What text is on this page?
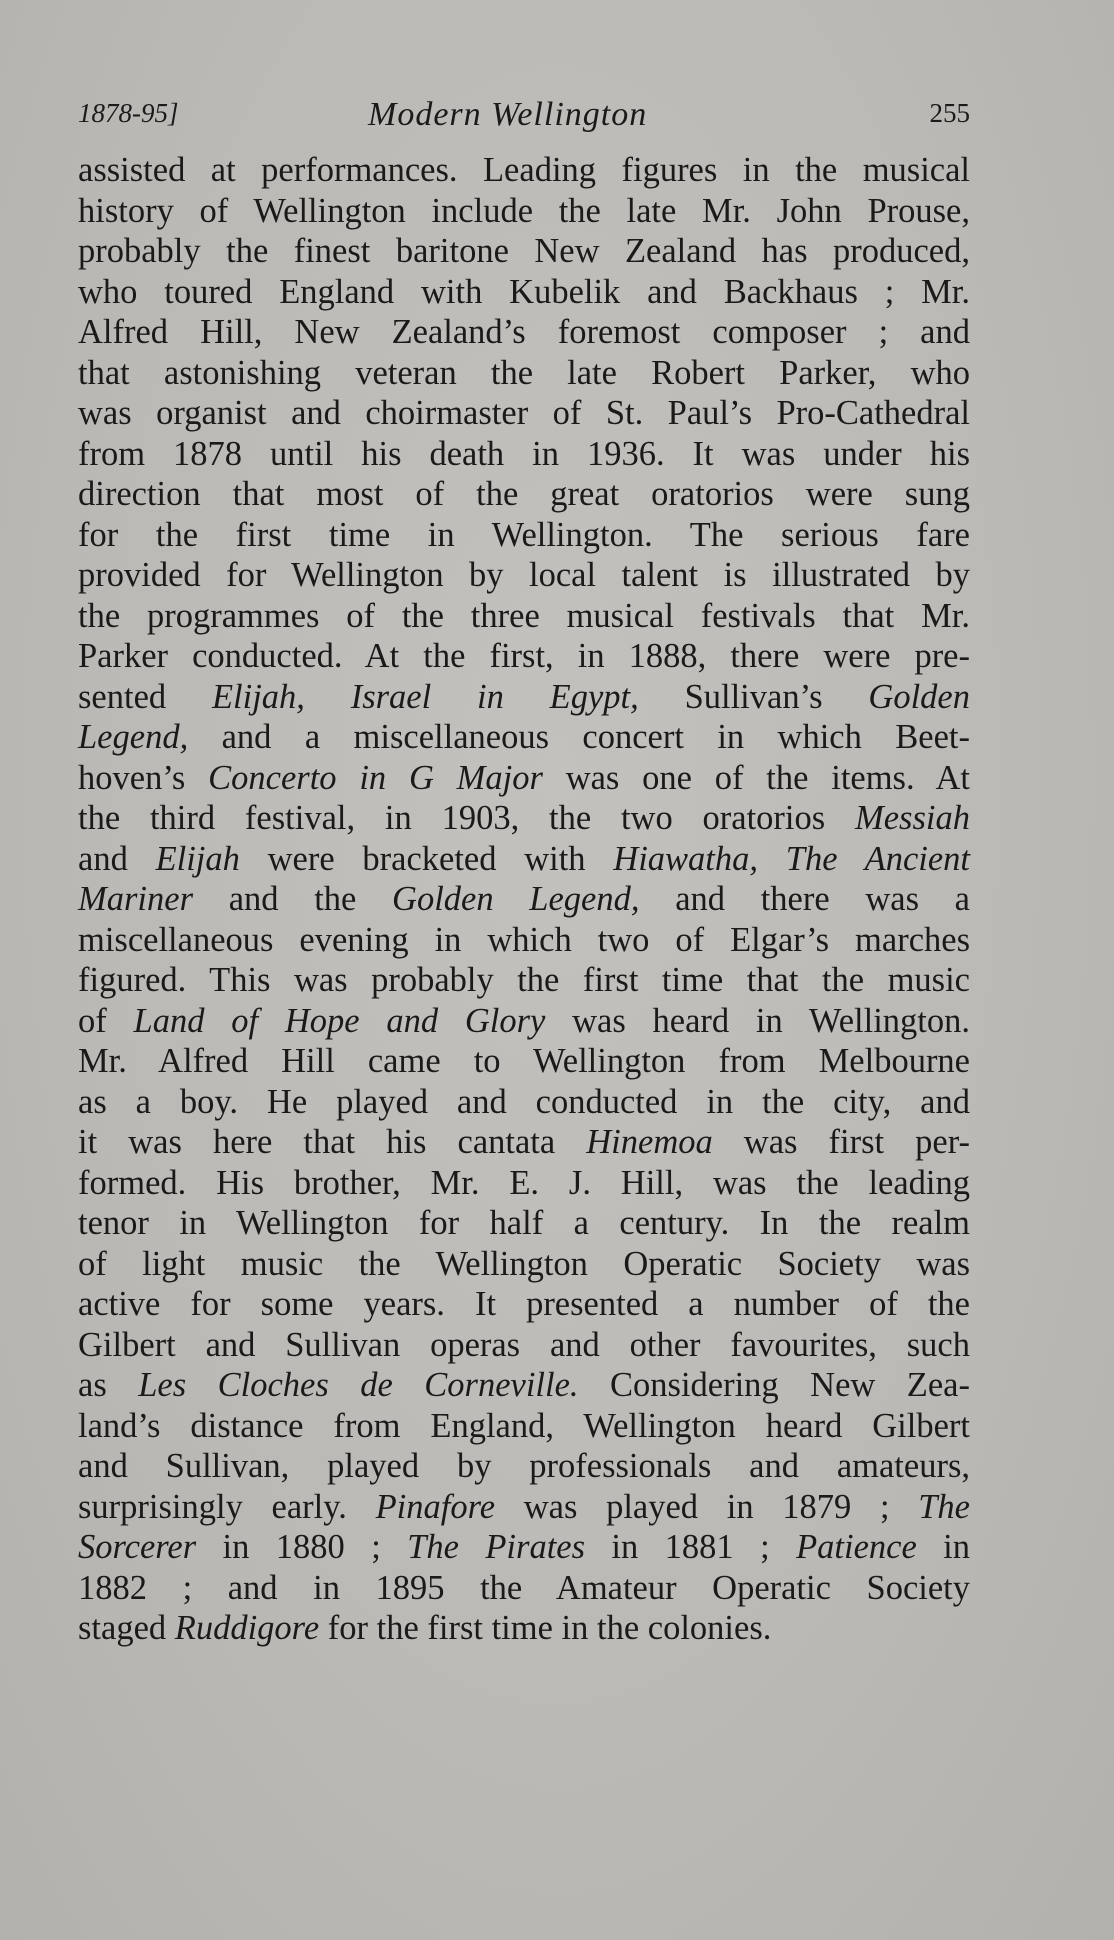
1878-95]	Modern Wellington	255
assisted at performances. Leading figures in the musical
history of Wellington include the late Mr. John Prouse,
probably the finest baritone New Zealand has produced,
who toured England with Kubelik and Backhaus ; Mr.
Alfred Hill, New Zealand’s foremost composer ; and
that astonishing veteran the late Robert Parker, who
was organist and choirmaster of St. Paul’s Pro-Cathedral
from 1878 until his death in 1936. It was under his
direction that most of the great oratorios were sung
for the first time in Wellington. The serious fare
provided for Wellington by local talent is illustrated by
the programmes of the three musical festivals that Mr.
Parker conducted. At the first, in 1888, there were pre-
sented Elijah, Israel in Egypt, Sullivan’s Golden
Legend, and a miscellaneous concert in which Beet-
hoven’s Concerto in G Major was one of the items. At
the third festival, in 1903, the two oratorios Messiah
and Elijah were bracketed with Hiawatha, The Ancient
Mariner and the Golden Legend, and there was a
miscellaneous evening in which two of Elgar’s marches
figured. This was probably the first time that the music
of Land of Hope and Glory was heard in Wellington.
Mr. Alfred Hill came to Wellington from Melbourne
as a boy. He played and conducted in the city, and
it was here that his cantata Hinemoa was first per-
formed. His brother, Mr. E. J. Hill, was the leading
tenor in Wellington for half a century. In the realm
of light music the Wellington Operatic Society was
active for some years. It presented a number of the
Gilbert and Sullivan operas and other favourites, such
as Les Cloches de Corneville. Considering New Zea-
land’s distance from England, Wellington heard Gilbert
and Sullivan, played by professionals and amateurs,
surprisingly early. Pinafore was played in 1879 ; The
Sorcerer in 1880 ; The Pirates in 1881 ; Patience in
1882 ; and in 1895 the Amateur Operatic Society
staged Ruddigore for the first time in the colonies.
